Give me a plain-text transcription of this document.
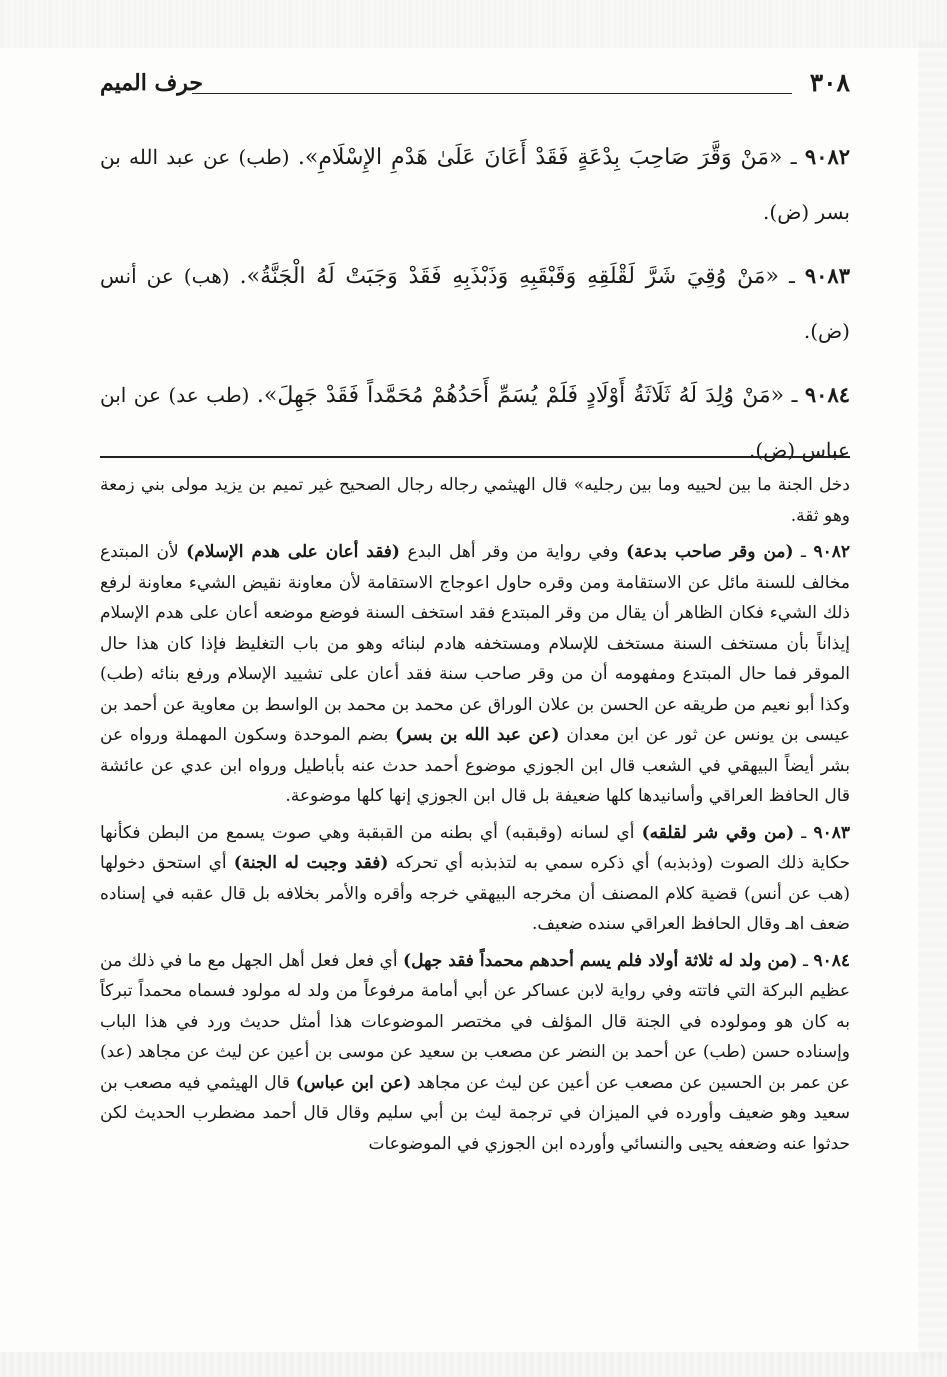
٣٠٨
حرف الميم

٩٠٨٢ ـ «مَنْ وَقَّرَ صَاحِبَ بِدْعَةٍ فَقَدْ أَعَانَ عَلَىٰ هَدْمِ الإِسْلَامِ». (طب) عن عبد الله بن بسر (ض).

٩٠٨٣ ـ «مَنْ وُقِيَ شَرَّ لَقْلَقِهِ وَقَبْقَبِهِ وَذَبْذَبِهِ فَقَدْ وَجَبَتْ لَهُ الْجَنَّةُ». (هب) عن أنس (ض).

٩٠٨٤ ـ «مَنْ وُلِدَ لَهُ ثَلَاثَةُ أَوْلَادٍ فَلَمْ يُسَمِّ أَحَدُهُمْ مُحَمَّداً فَقَدْ جَهِلَ». (طب عد) عن ابن عباس (ض).

دخل الجنة ما بين لحييه وما بين رجليه» قال الهيثمي رجاله رجال الصحيح غير تميم بن يزيد مولى بني زمعة وهو ثقة.

٩٠٨٢ ـ (من وقر صاحب بدعة) وفي رواية من وقر أهل البدع (فقد أعان على هدم الإسلام) لأن المبتدع مخالف للسنة مائل عن الاستقامة ومن وقره حاول اعوجاج الاستقامة لأن معاونة نقيض الشيء معاونة لرفع ذلك الشيء فكان الظاهر أن يقال من وقر المبتدع فقد استخف السنة فوضع موضعه أعان على هدم الإسلام إيذاناً بأن مستخف السنة مستخف للإسلام ومستخفه هادم لبنائه وهو من باب التغليظ فإذا كان هذا حال الموقر فما حال المبتدع ومفهومه أن من وقر صاحب سنة فقد أعان على تشييد الإسلام ورفع بنائه (طب) وكذا أبو نعيم من طريقه عن الحسن بن علان الوراق عن محمد بن محمد بن الواسط بن معاوية عن أحمد بن عيسى بن يونس عن ثور عن ابن معدان (عن عبد الله بن بسر) بضم الموحدة وسكون المهملة ورواه عن بشر أيضاً البيهقي في الشعب قال ابن الجوزي موضوع أحمد حدث عنه بأباطيل ورواه ابن عدي عن عائشة قال الحافظ العراقي وأسانيدها كلها ضعيفة بل قال ابن الجوزي إنها كلها موضوعة.

٩٠٨٣ ـ (من وقي شر لقلقه) أي لسانه (وقبقبه) أي بطنه من القبقبة وهي صوت يسمع من البطن فكأنها حكاية ذلك الصوت (وذبذبه) أي ذكره سمي به لتذبذبه أي تحركه (فقد وجبت له الجنة) أي استحق دخولها (هب عن أنس) قضية كلام المصنف أن مخرجه البيهقي خرجه وأقره والأمر بخلافه بل قال عقبه في إسناده ضعف اهـ وقال الحافظ العراقي سنده ضعيف.

٩٠٨٤ ـ (من ولد له ثلاثة أولاد فلم يسم أحدهم محمداً فقد جهل) أي فعل فعل أهل الجهل مع ما في ذلك من عظيم البركة التي فاتته وفي رواية لابن عساكر عن أبي أمامة مرفوعاً من ولد له مولود فسماه محمداً تبركاً به كان هو ومولوده في الجنة قال المؤلف في مختصر الموضوعات هذا أمثل حديث ورد في هذا الباب وإسناده حسن (طب) عن أحمد بن النضر عن مصعب بن سعيد عن موسى بن أعين عن ليث عن مجاهد (عد) عن عمر بن الحسين عن مصعب عن أعين عن ليث عن مجاهد (عن ابن عباس) قال الهيثمي فيه مصعب بن سعيد وهو ضعيف وأورده في الميزان في ترجمة ليث بن أبي سليم وقال قال أحمد مضطرب الحديث لكن حدثوا عنه وضعفه يحيى والنسائي وأورده ابن الجوزي في الموضوعات
